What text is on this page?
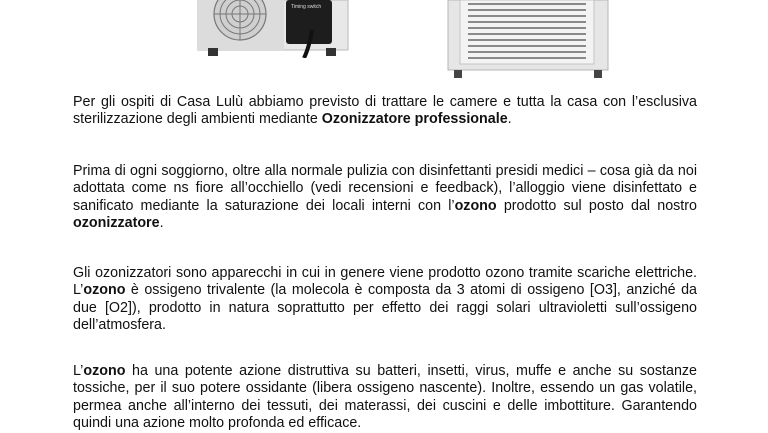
Timing switch

Per gli ospiti di Casa Lulù abbiamo previsto di trattare le camere e tutta la casa con l’esclusiva sterilizzazione degli ambienti mediante Ozonizzatore professionale.

Prima di ogni soggiorno, oltre alla normale pulizia con disinfettanti presidi medici – cosa già da noi adottata come ns fiore all’occhiello (vedi recensioni e feedback), l’alloggio viene disinfettato e sanificato mediante la saturazione dei locali interni con l’ozono prodotto sul posto dal nostro ozonizzatore.

Gli ozonizzatori sono apparecchi in cui in genere viene prodotto ozono tramite scariche elettriche. L’ozono è ossigeno trivalente (la molecola è composta da 3 atomi di ossigeno [O3], anziché da due [O2]), prodotto in natura soprattutto per effetto dei raggi solari ultravioletti sull’ossigeno dell’atmosfera.

L’ozono ha una potente azione distruttiva su batteri, insetti, virus, muffe e anche su sostanze tossiche, per il suo potere ossidante (libera ossigeno nascente). Inoltre, essendo un gas volatile, permea anche all’interno dei tessuti, dei materassi, dei cuscini e delle imbottiture. Garantendo quindi una azione molto profonda ed efficace.
